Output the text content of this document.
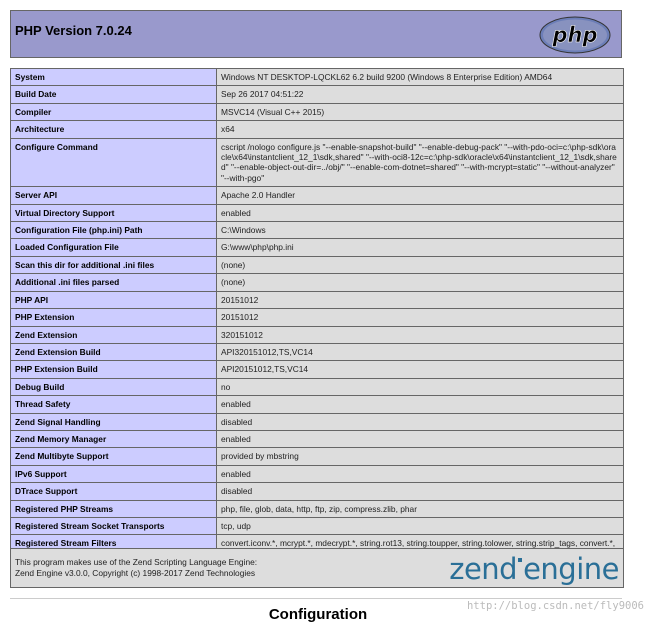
PHP Version 7.0.24	php
System	Windows NT DESKTOP-LQCKL62 6.2 build 9200 (Windows 8 Enterprise Edition) AMD64
Build Date	Sep 26 2017 04:51:22
Compiler	MSVC14 (Visual C++ 2015)
Architecture	x64
Configure Command	cscript /nologo configure.js "--enable-snapshot-build" "--enable-debug-pack" "--with-pdo-oci=c:\php-sdk\oracle\x64\instantclient_12_1\sdk,shared" "--with-oci8-12c=c:\php-sdk\oracle\x64\instantclient_12_1\sdk,shared" "--enable-object-out-dir=../obj/" "--enable-com-dotnet=shared" "--with-mcrypt=static" "--without-analyzer" "--with-pgo"
Server API	Apache 2.0 Handler
Virtual Directory Support	enabled
Configuration File (php.ini) Path	C:\Windows
Loaded Configuration File	G:\www\php\php.ini
Scan this dir for additional .ini files	(none)
Additional .ini files parsed	(none)
PHP API	20151012
PHP Extension	20151012
Zend Extension	320151012
Zend Extension Build	API320151012,TS,VC14
PHP Extension Build	API20151012,TS,VC14
Debug Build	no
Thread Safety	enabled
Zend Signal Handling	disabled
Zend Memory Manager	enabled
Zend Multibyte Support	provided by mbstring
IPv6 Support	enabled
DTrace Support	disabled
Registered PHP Streams	php, file, glob, data, http, ftp, zip, compress.zlib, phar
Registered Stream Socket Transports	tcp, udp
Registered Stream Filters	convert.iconv.*, mcrypt.*, mdecrypt.*, string.rot13, string.toupper, string.tolower, string.strip_tags, convert.*,
This program makes use of the Zend Scripting Language Engine:
Zend Engine v3.0.0, Copyright (c) 1998-2017 Zend Technologies	zend engine
Configuration	http://blog.csdn.net/fly9006
